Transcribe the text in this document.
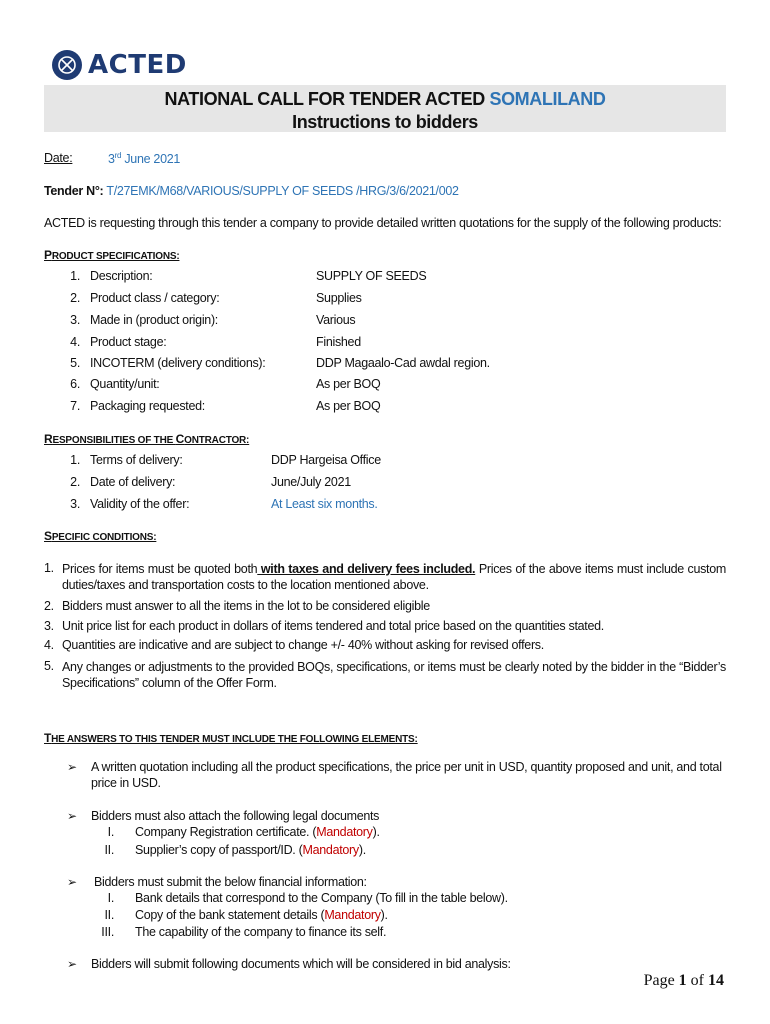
ACTED
NATIONAL CALL FOR TENDER ACTED SOMALILAND
Instructions to bidders
Date:	3rd June 2021
Tender N°: T/27EMK/M68/VARIOUS/SUPPLY OF SEEDS /HRG/3/6/2021/002
ACTED is requesting through this tender a company to provide detailed written quotations for the supply of the following products:
PRODUCT SPECIFICATIONS:
1. Description:	SUPPLY OF SEEDS
2. Product class / category:	Supplies
3. Made in (product origin):	Various
4. Product stage:	Finished
5. INCOTERM (delivery conditions):	DDP Magaalo-Cad awdal region.
6. Quantity/unit:	As per BOQ
7. Packaging requested:	As per BOQ
RESPONSIBILITIES OF THE CONTRACTOR:
1. Terms of delivery:	DDP Hargeisa Office
2. Date of delivery:	June/July 2021
3. Validity of the offer:	At Least six months.
SPECIFIC CONDITIONS:
1. Prices for items must be quoted both with taxes and delivery fees included. Prices of the above items must include custom
duties/taxes and transportation costs to the location mentioned above.
2. Bidders must answer to all the items in the lot to be considered eligible
3. Unit price list for each product in dollars of items tendered and total price based on the quantities stated.
4. Quantities are indicative and are subject to change +/- 40% without asking for revised offers.
5. Any changes or adjustments to the provided BOQs, specifications, or items must be clearly noted by the bidder in the “Bidder’s
Specifications” column of the Offer Form.
THE ANSWERS TO THIS TENDER MUST INCLUDE THE FOLLOWING ELEMENTS:
➢ A written quotation including all the product specifications, the price per unit in USD, quantity proposed and unit, and total
price in USD.
➢ Bidders must also attach the following legal documents
I. Company Registration certificate. (Mandatory).
II. Supplier’s copy of passport/ID. (Mandatory).
➢ Bidders must submit the below financial information:
I. Bank details that correspond to the Company (To fill in the table below).
II. Copy of the bank statement details (Mandatory).
III. The capability of the company to finance its self.
➢ Bidders will submit following documents which will be considered in bid analysis:
Page 1 of 14
